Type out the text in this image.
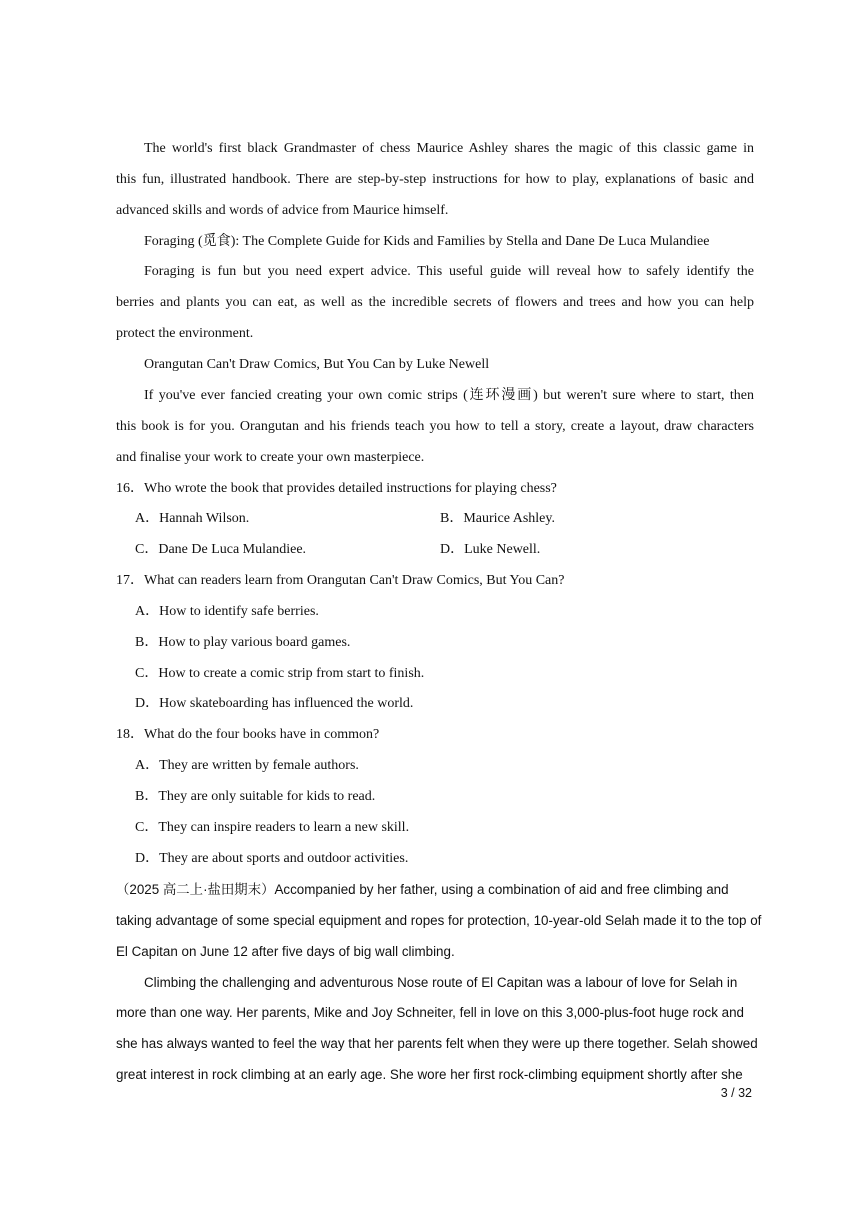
The world's first black Grandmaster of chess Maurice Ashley shares the magic of this classic game in
this fun, illustrated handbook. There are step-by-step instructions for how to play, explanations of basic and
advanced skills and words of advice from Maurice himself.
Foraging (觅食): The Complete Guide for Kids and Families by Stella and Dane De Luca Mulandiee
Foraging is fun but you need expert advice. This useful guide will reveal how to safely identify the
berries and plants you can eat, as well as the incredible secrets of flowers and trees and how you can help
protect the environment.
Orangutan Can't Draw Comics, But You Can by Luke Newell
If you've ever fancied creating your own comic strips (连环漫画) but weren't sure where to start, then
this book is for you. Orangutan and his friends teach you how to tell a story, create a layout, draw characters
and finalise your work to create your own masterpiece.
16．Who wrote the book that provides detailed instructions for playing chess?
A．Hannah Wilson.	B．Maurice Ashley.
C．Dane De Luca Mulandiee.	D．Luke Newell.
17．What can readers learn from Orangutan Can't Draw Comics, But You Can?
A．How to identify safe berries.
B．How to play various board games.
C．How to create a comic strip from start to finish.
D．How skateboarding has influenced the world.
18．What do the four books have in common?
A．They are written by female authors.
B．They are only suitable for kids to read.
C．They can inspire readers to learn a new skill.
D．They are about sports and outdoor activities.
（2025 高二上·盐田期末）Accompanied by her father, using a combination of aid and free climbing and
taking advantage of some special equipment and ropes for protection, 10-year-old Selah made it to the top of
El Capitan on June 12 after five days of big wall climbing.
Climbing the challenging and adventurous Nose route of El Capitan was a labour of love for Selah in
more than one way. Her parents, Mike and Joy Schneiter, fell in love on this 3,000-plus-foot huge rock and
she has always wanted to feel the way that her parents felt when they were up there together. Selah showed
great interest in rock climbing at an early age. She wore her first rock-climbing equipment shortly after she
3 / 32
